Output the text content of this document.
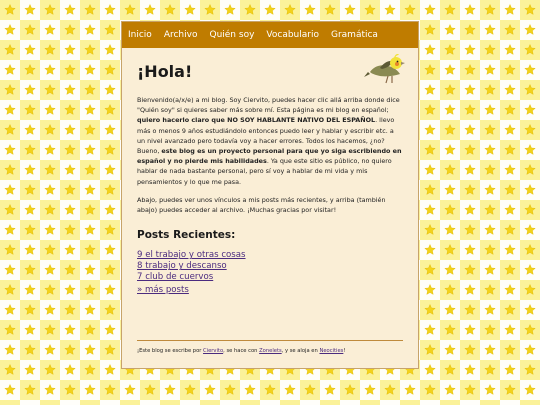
Inicio Archivo Quién soy Vocabulario Gramática
¡Hola!
Bienvenido(a/x/e) a mi blog. Soy Ciervito, puedes hacer clic allá arriba donde dice "Quién soy" si quieres saber más sobre mí. Esta página es mi blog en español; quiero hacerlo claro que NO SOY HABLANTE NATIVO DEL ESPAÑOL. llevo más o menos 9 años estudiándolo entonces puedo leer y hablar y escribir etc. a un nivel avanzado pero todavía voy a hacer errores. Todos los hacemos, ¿no? Bueno, este blog es un proyecto personal para que yo siga escribiendo en español y no pierde mis habilidades. Ya que este sitio es público, no quiero hablar de nada bastante personal, pero sí voy a hablar de mi vida y mis pensamientos y lo que me pasa.
Abajo, puedes ver unos vínculos a mis posts más recientes, y arriba (también abajo) puedes acceder al archivo. ¡Muchas gracias por visitar!
Posts Recientes:
9 el trabajo y otras cosas
8 trabajo y descanso
7 club de cuervos
» más posts
¡Este blog se escribe por Ciervito, se hace con Zonelets, y se aloja en Neocities!
